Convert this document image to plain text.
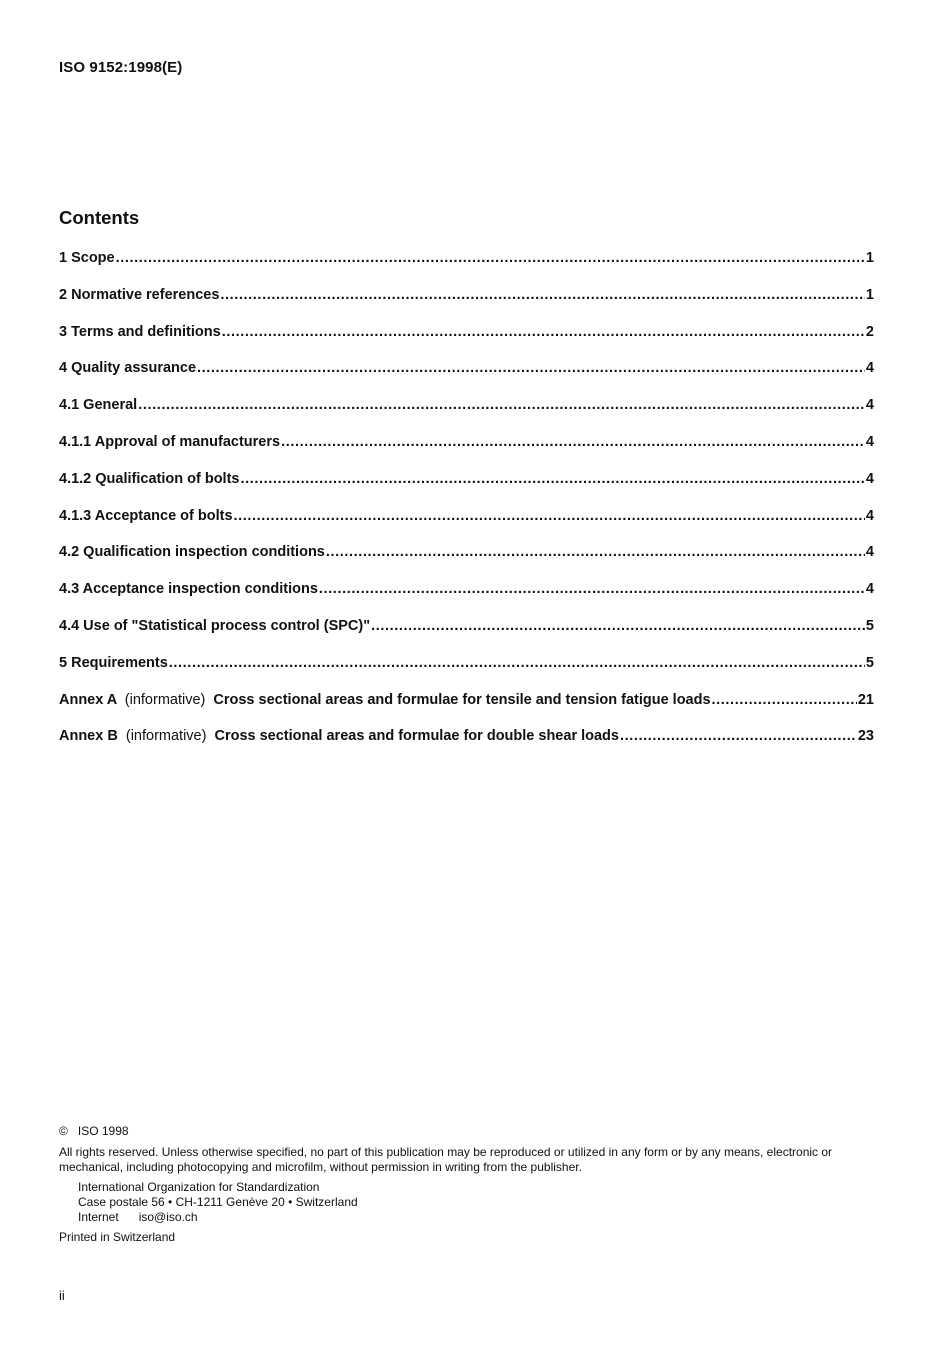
ISO 9152:1998(E)
Contents
1 Scope .....	1
2 Normative references .....	1
3 Terms and definitions .....	2
4 Quality assurance .....	4
4.1 General .....	4
4.1.1 Approval of manufacturers .....	4
4.1.2 Qualification of bolts .....	4
4.1.3 Acceptance of bolts .....	4
4.2 Qualification inspection conditions .....	4
4.3 Acceptance inspection conditions .....	4
4.4 Use of "Statistical process control (SPC)" .....	5
5 Requirements .....	5
Annex A (informative) Cross sectional areas and formulae for tensile and tension fatigue loads .....	21
Annex B (informative) Cross sectional areas and formulae for double shear loads .....	23
© ISO 1998
All rights reserved. Unless otherwise specified, no part of this publication may be reproduced or utilized in any form or by any means, electronic or mechanical, including photocopying and microfilm, without permission in writing from the publisher.
International Organization for Standardization
Case postale 56 • CH-1211 Genève 20 • Switzerland
Internet iso@iso.ch
Printed in Switzerland
ii
